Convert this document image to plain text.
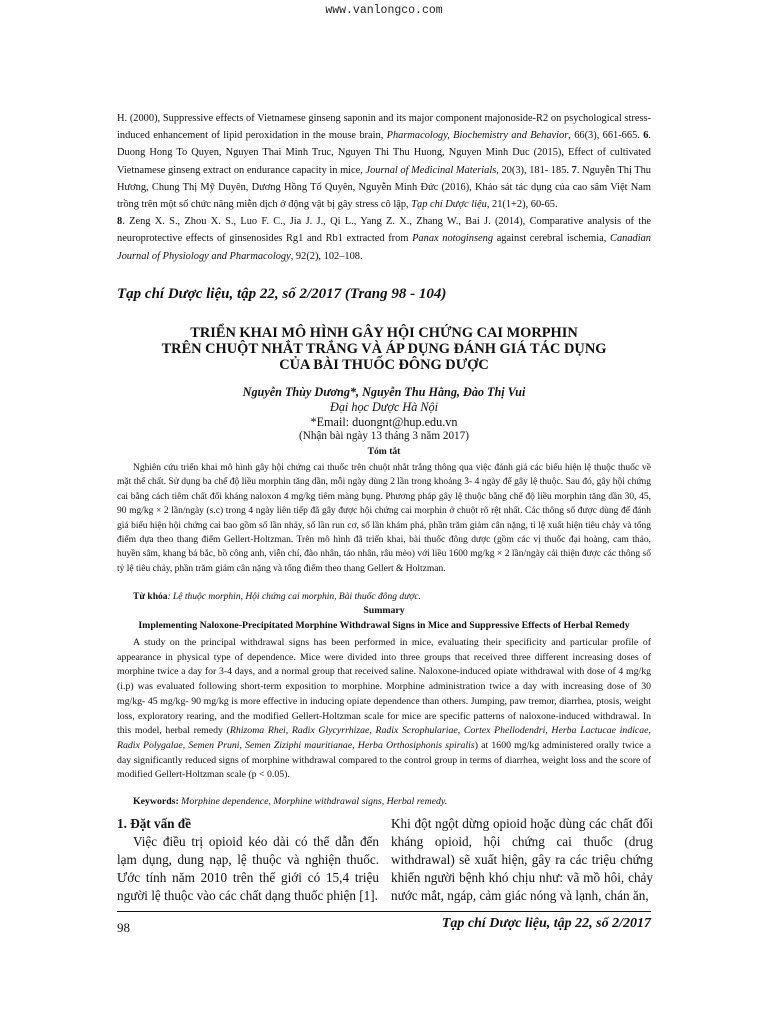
www.vanlongco.com

H. (2000), Suppressive effects of Vietnamese ginseng saponin and its major component majonoside-R2 on psychological stress-induced enhancement of lipid peroxidation in the mouse brain, Pharmacology, Biochemistry and Behavior, 66(3), 661-665. 6. Duong Hong To Quyen, Nguyen Thai Minh Truc, Nguyen Thi Thu Huong, Nguyen Minh Duc (2015), Effect of cultivated Vietnamese ginseng extract on endurance capacity in mice, Journal of Medicinal Materials, 20(3), 181- 185. 7. Nguyễn Thị Thu Hương, Chung Thị Mỹ Duyên, Dương Hồng Tố Quyên, Nguyễn Minh Đức (2016), Khảo sát tác dụng của cao sâm Việt Nam trồng trên một số chức năng miễn dịch ở động vật bị gây stress cô lập, Tạp chí Dược liệu, 21(1+2), 60-65.

8. Zeng X. S., Zhou X. S., Luo F. C., Jia J. J., Qi L., Yang Z. X., Zhang W., Bai J. (2014), Comparative analysis of the neuroprotective effects of ginsenosides Rg1 and Rb1 extracted from Panax notoginseng against cerebral ischemia, Canadian Journal of Physiology and Pharmacology, 92(2), 102–108.

Tạp chí Dược liệu, tập 22, số 2/2017 (Trang 98 - 104)
TRIỂN KHAI MÔ HÌNH GÂY HỘI CHỨNG CAI MORPHIN
TRÊN CHUỘT NHẮT TRẮNG VÀ ÁP DỤNG ĐÁNH GIÁ TÁC DỤNG
CỦA BÀI THUỐC ĐÔNG DƯỢC
Nguyễn Thùy Dương*, Nguyễn Thu Hằng, Đào Thị Vui
Đại học Dược Hà Nội
*Email: duongnt@hup.edu.vn
(Nhận bài ngày 13 tháng 3 năm 2017)
Tóm tắt

Nghiên cứu triển khai mô hình gây hội chứng cai thuốc trên chuột nhắt trắng thông qua việc đánh giá các biểu hiện lệ thuộc thuốc về mặt thể chất. Sử dụng ba chế độ liều morphin tăng dần, mỗi ngày dùng 2 lần trong khoảng 3- 4 ngày để gây lệ thuộc. Sau đó, gây hội chứng cai bằng cách tiêm chất đối kháng naloxon 4 mg/kg tiêm màng bụng. Phương pháp gây lệ thuộc bằng chế độ liều morphin tăng dần 30, 45, 90 mg/kg × 2 lần/ngày (s.c) trong 4 ngày liên tiếp đã gây được hội chứng cai morphin ở chuột rõ rệt nhất. Các thông số được dùng để đánh giá biểu hiện hội chứng cai bao gồm số lần nhảy, số lần run cơ, số lần khám phá, phần trăm giảm cân nặng, tỉ lệ xuất hiện tiêu chảy và tổng điểm dựa theo thang điểm Gellert-Holtzman. Trên mô hình đã triển khai, bài thuốc đông dược (gồm các vị thuốc đại hoàng, cam thảo, huyền sâm, khang bá bắc, bồ công anh, viễn chí, đào nhân, táo nhân, râu mèo) với liều 1600 mg/kg × 2 lần/ngày cải thiện được các thông số tỷ lệ tiêu chảy, phần trăm giảm cân nặng và tổng điểm theo thang Gellert & Holtzman.

Từ khóa: Lệ thuộc morphin, Hội chứng cai morphin, Bài thuốc đông dược.
Summary
Implementing Naloxone-Precipitated Morphine Withdrawal Signs in Mice and Suppressive Effects of Herbal Remedy

A study on the principal withdrawal signs has been performed in mice, evaluating their specificity and particular profile of appearance in physical type of dependence. Mice were divided into three groups that received three different increasing doses of morphine twice a day for 3-4 days, and a normal group that received saline. Naloxone-induced opiate withdrawal with dose of 4 mg/kg (i.p) was evaluated following short-term exposition to morphine. Morphine administration twice a day with increasing dose of 30 mg/kg- 45 mg/kg- 90 mg/kg is more effective in inducing opiate dependence than others. Jumping, paw tremor, diarrhea, ptosis, weight loss, exploratory rearing, and the modified Gellert-Holtzman scale for mice are specific patterns of naloxone-induced withdrawal. In this model, herbal remedy (Rhizoma Rhei, Radix Glycyrrhizae, Radix Scrophulariae, Cortex Phellodendri, Herba Lactucae indicae, Radix Polygalae, Semen Pruni, Semen Ziziphi mauritianae, Herba Orthosiphonis spiralis) at 1600 mg/kg administered orally twice a day significantly reduced signs of morphine withdrawal compared to the control group in terms of diarrhea, weight loss and the score of modified Gellert-Holtzman scale (p < 0.05).

Keywords: Morphine dependence, Morphine withdrawal signs, Herbal remedy.

1. Đặt vấn đề

Việc điều trị opioid kéo dài có thể dẫn đến lạm dụng, dung nạp, lệ thuộc và nghiện thuốc. Ước tính năm 2010 trên thế giới có 15,4 triệu người lệ thuộc vào các chất dạng thuốc phiện [1].

Khi đột ngột dừng opioid hoặc dùng các chất đối kháng opioid, hội chứng cai thuốc (drug withdrawal) sẽ xuất hiện, gây ra các triệu chứng khiến người bệnh khó chịu như: vã mồ hôi, chảy nước mắt, ngáp, cảm giác nóng và lạnh, chán ăn,

98	Tạp chí Dược liệu, tập 22, số 2/2017
